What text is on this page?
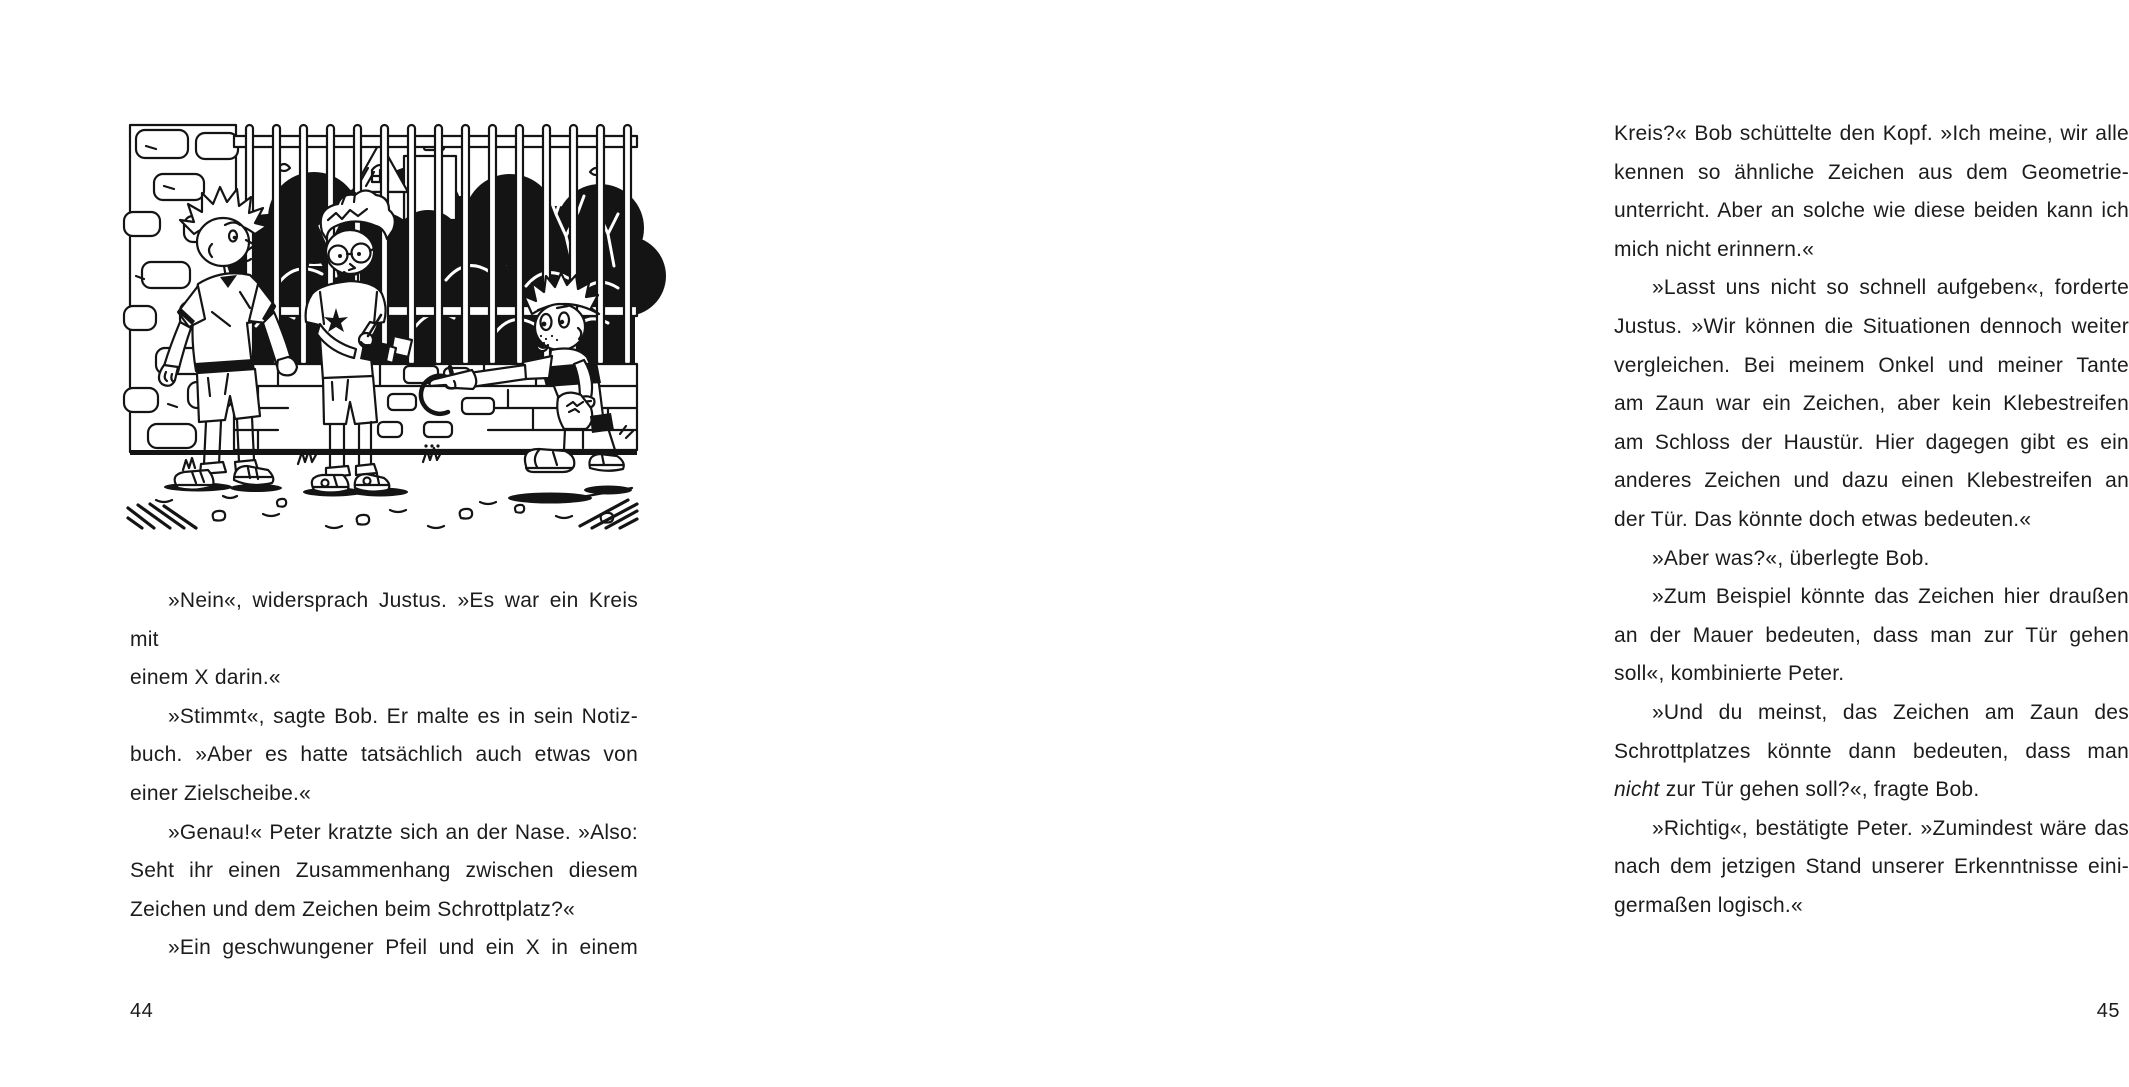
»Nein«, widersprach Justus. »Es war ein Kreis mit
einem X darin.«
»Stimmt«, sagte Bob. Er malte es in sein Notiz-
buch. »Aber es hatte tatsächlich auch etwas von
einer Zielscheibe.«
»Genau!« Peter kratzte sich an der Nase. »Also:
Seht ihr einen Zusammenhang zwischen diesem
Zeichen und dem Zeichen beim Schrottplatz?«
»Ein geschwungener Pfeil und ein X in einem
44
Kreis?« Bob schüttelte den Kopf. »Ich meine, wir alle
kennen so ähnliche Zeichen aus dem Geometrie-
unterricht. Aber an solche wie diese beiden kann ich
mich nicht erinnern.«
»Lasst uns nicht so schnell aufgeben«, forderte
Justus. »Wir können die Situationen dennoch weiter
vergleichen. Bei meinem Onkel und meiner Tante
am Zaun war ein Zeichen, aber kein Klebestreifen
am Schloss der Haustür. Hier dagegen gibt es ein
anderes Zeichen und dazu einen Klebestreifen an
der Tür. Das könnte doch etwas bedeuten.«
»Aber was?«, überlegte Bob.
»Zum Beispiel könnte das Zeichen hier draußen
an der Mauer bedeuten, dass man zur Tür gehen
soll«, kombinierte Peter.
»Und du meinst, das Zeichen am Zaun des
Schrottplatzes könnte dann bedeuten, dass man
nicht zur Tür gehen soll?«, fragte Bob.
»Richtig«, bestätigte Peter. »Zumindest wäre das
nach dem jetzigen Stand unserer Erkenntnisse eini-
germaßen logisch.«
45
